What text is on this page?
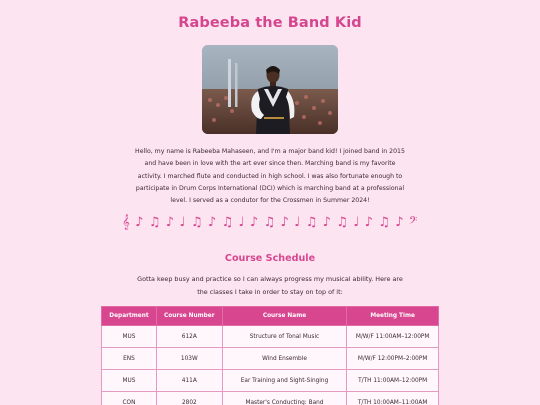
Rabeeba the Band Kid

Hello, my name is Rabeeba Mahaseen, and I'm a major band kid! I joined band in 2015 and have been in love with the art ever since then. Marching band is my favorite activity. I marched flute and conducted in high school. I was also fortunate enough to participate in Drum Corps International (DCI) which is marching band at a professional level. I served as a condutor for the Crossmen in Summer 2024!

𝄞 ♪ ♫ ♪ ♩ ♫ ♪ ♫ ♩ ♪ ♫ ♪ ♩ ♫ ♪ ♫ ♩ ♪ ♫ ♪ 𝄢
Course Schedule

Gotta keep busy and practice so I can always progress my musical ability. Here are the classes I take in order to stay on top of it:

Department	Course Number	Course Name	Meeting Time
MUS	612A	Structure of Tonal Music	M/W/F 11:00AM–12:00PM
ENS	103W	Wind Ensemble	M/W/F 12:00PM–2:00PM
MUS	411A	Ear Training and Sight-Singing	T/TH 11:00AM–12:00PM
CON	2802	Master's Conducting: Band	T/TH 10:00AM–11:00AM
